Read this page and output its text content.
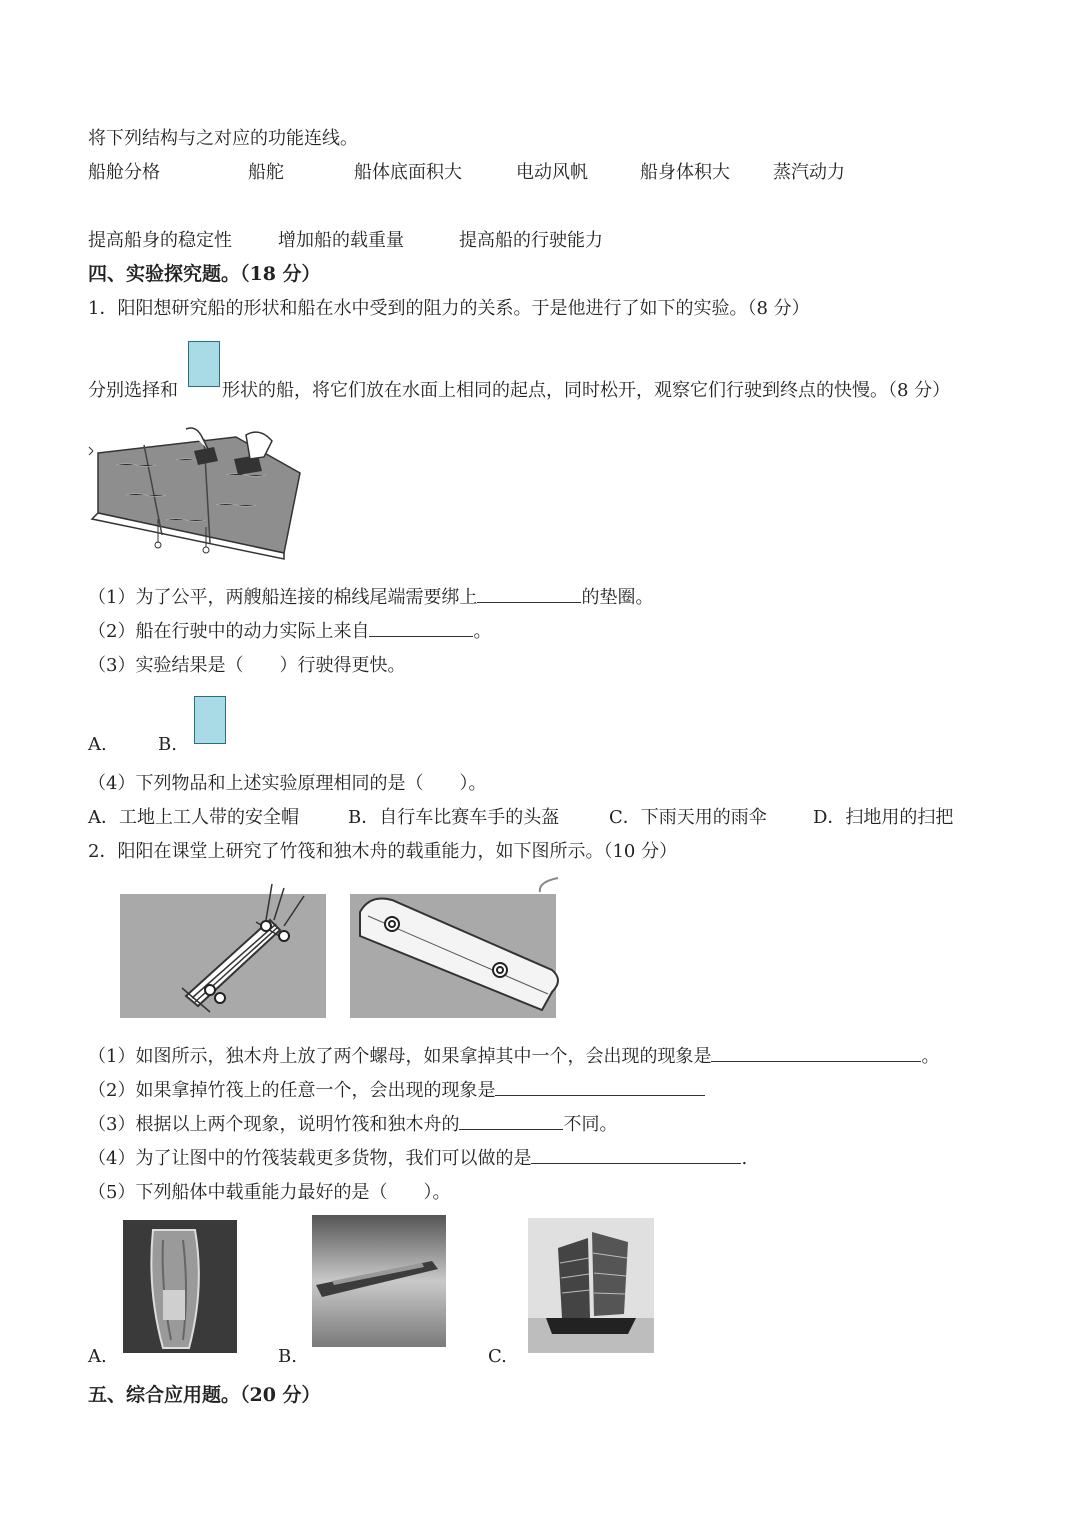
将下列结构与之对应的功能连线。
船舱分格	船舵	船体底面积大	电动风帆	船身体积大 蒸汽动力
提高船身的稳定性	增加船的载重量	提高船的行驶能力
四、实验探究题。（18 分）
1．阳阳想研究船的形状和船在水中受到的阻力的关系。于是他进行了如下的实验。（8 分）
分别选择和 形状的船，将它们放在水面上相同的起点，同时松开，观察它们行驶到终点的快慢。（8 分）
（1）为了公平，两艘船连接的棉线尾端需要绑上	的垫圈。
（2）船在行驶中的动力实际上来自	。
（3）实验结果是（　　）行驶得更快。
A.	B.
（4）下列物品和上述实验原理相同的是（　　）。
A．工地上工人带的安全帽	B．自行车比赛车手的头盔	C．下雨天用的雨伞	D．扫地用的扫把
2．阳阳在课堂上研究了竹筏和独木舟的载重能力，如下图所示。（10 分）
（1）如图所示，独木舟上放了两个螺母，如果拿掉其中一个，会出现的现象是	。
（2）如果拿掉竹筏上的任意一个，会出现的现象是
（3）根据以上两个现象，说明竹筏和独木舟的	不同。
（4）为了让图中的竹筏装载更多货物，我们可以做的是	.
（5）下列船体中载重能力最好的是（　　）。
A.	B.	C.
五、综合应用题。（20 分）
